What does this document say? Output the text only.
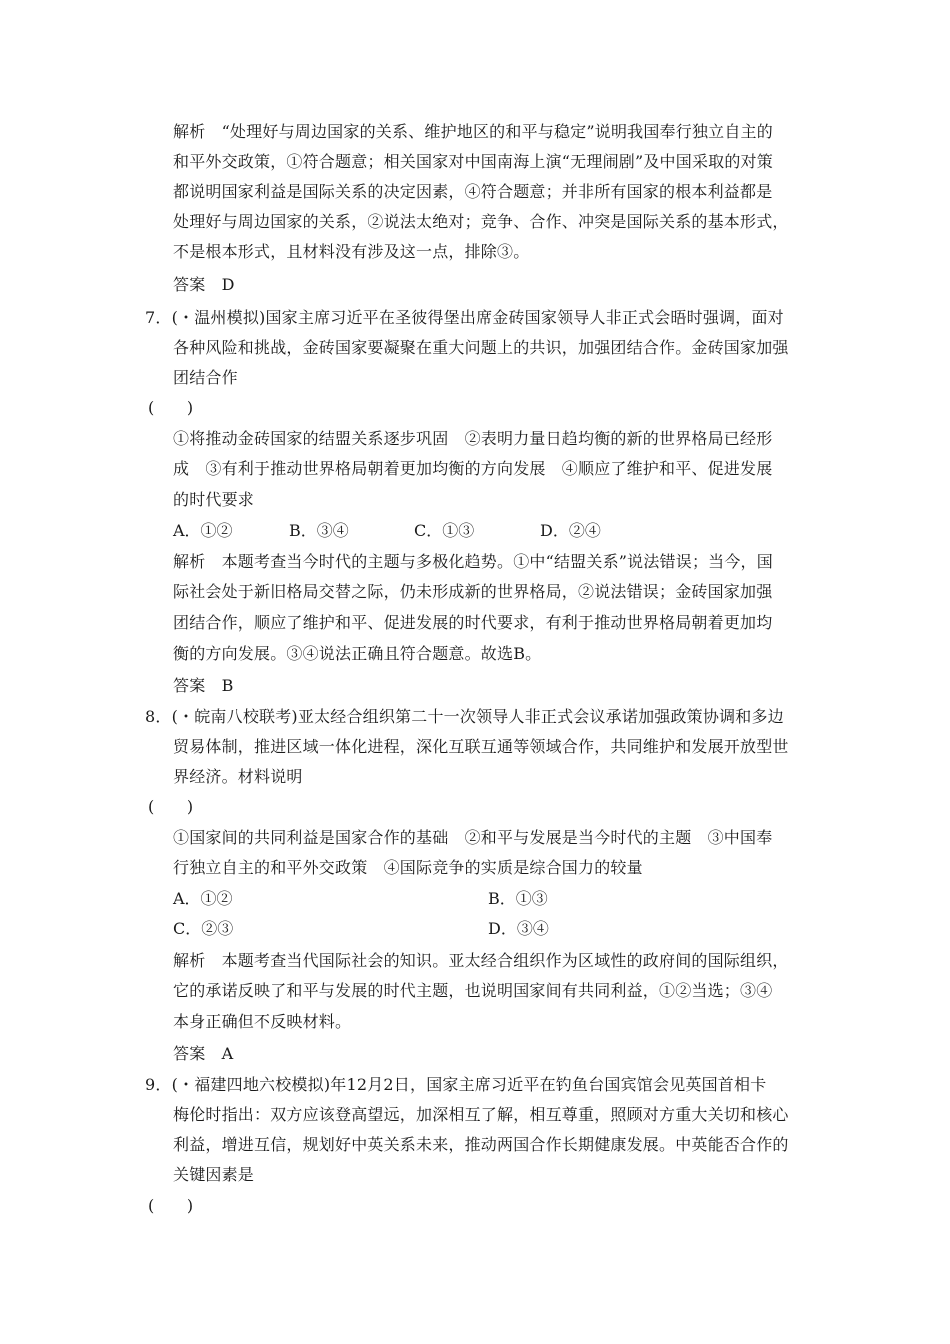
解析　“处理好与周边国家的关系、维护地区的和平与稳定”说明我国奉行独立自主的
和平外交政策，①符合题意；相关国家对中国南海上演“无理闹剧”及中国采取的对策
都说明国家利益是国际关系的决定因素，④符合题意；并非所有国家的根本利益都是
处理好与周边国家的关系，②说法太绝对；竞争、合作、冲突是国际关系的基本形式，
不是根本形式，且材料没有涉及这一点，排除③。
答案　D
7．(・温州模拟)国家主席习近平在圣彼得堡出席金砖国家领导人非正式会晤时强调，面对
各种风险和挑战，金砖国家要凝聚在重大问题上的共识，加强团结合作。金砖国家加强
团结合作
(　　)
①将推动金砖国家的结盟关系逐步巩固　②表明力量日趋均衡的新的世界格局已经形
成　③有利于推动世界格局朝着更加均衡的方向发展　④顺应了维护和平、促进发展
的时代要求
A．①②	B．③④	C．①③	D．②④
解析　本题考查当今时代的主题与多极化趋势。①中“结盟关系”说法错误；当今，国
际社会处于新旧格局交替之际，仍未形成新的世界格局，②说法错误；金砖国家加强
团结合作，顺应了维护和平、促进发展的时代要求，有利于推动世界格局朝着更加均
衡的方向发展。③④说法正确且符合题意。故选B。
答案　B
8．(・皖南八校联考)亚太经合组织第二十一次领导人非正式会议承诺加强政策协调和多边
贸易体制，推进区域一体化进程，深化互联互通等领域合作，共同维护和发展开放型世
界经济。材料说明
(　　)
①国家间的共同利益是国家合作的基础　②和平与发展是当今时代的主题　③中国奉
行独立自主的和平外交政策　④国际竞争的实质是综合国力的较量
A．①②	B．①③
C．②③	D．③④
解析　本题考查当代国际社会的知识。亚太经合组织作为区域性的政府间的国际组织，
它的承诺反映了和平与发展的时代主题，也说明国家间有共同利益，①②当选；③④
本身正确但不反映材料。
答案　A
9．(・福建四地六校模拟)年12月2日，国家主席习近平在钓鱼台国宾馆会见英国首相卡
梅伦时指出：双方应该登高望远，加深相互了解，相互尊重，照顾对方重大关切和核心
利益，增进互信，规划好中英关系未来，推动两国合作长期健康发展。中英能否合作的
关键因素是
(　　)
